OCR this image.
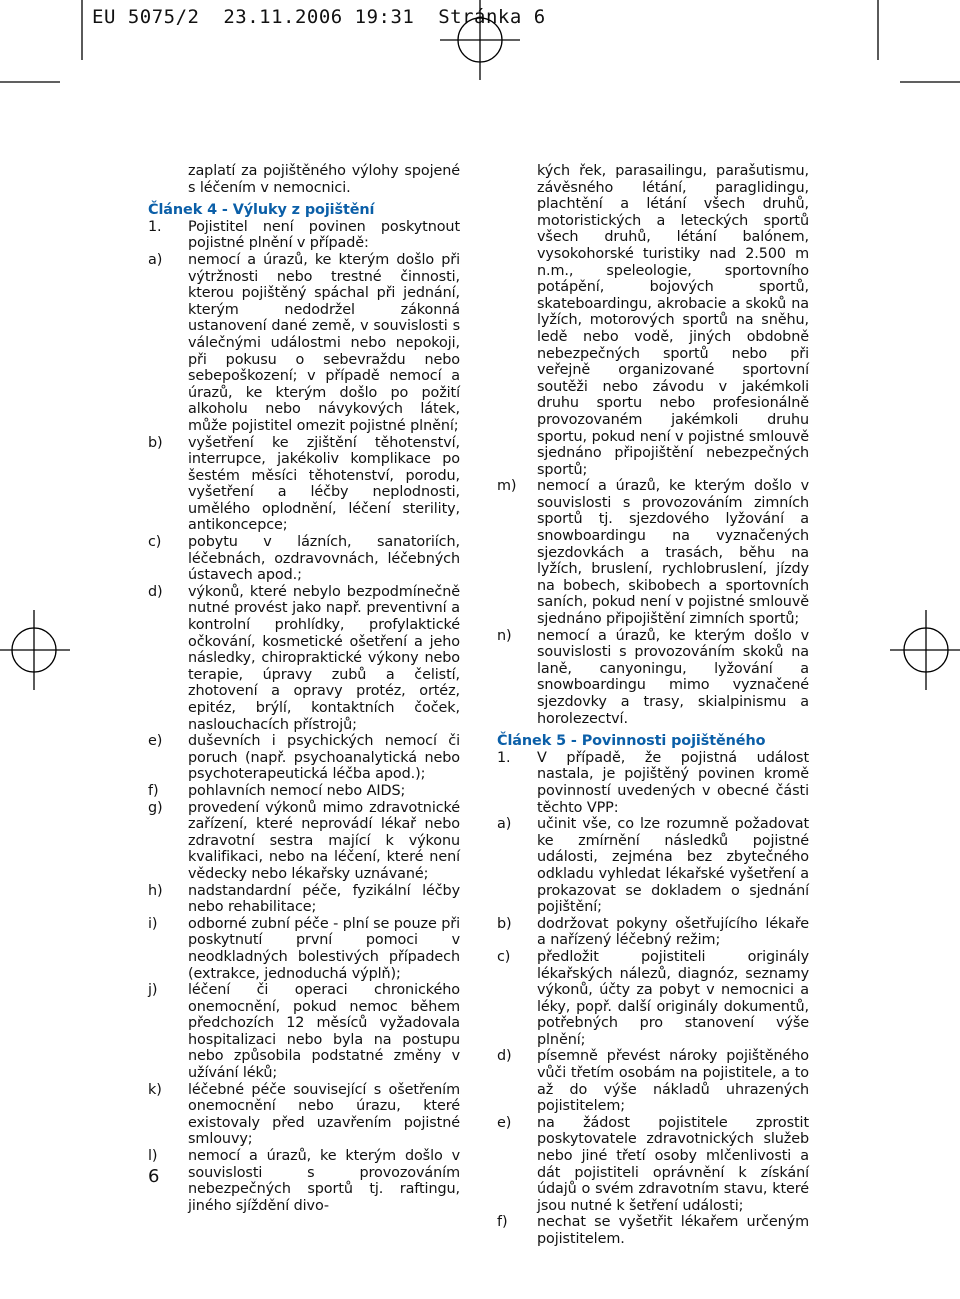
EU 5075/2  23.11.2006 19:31  Stránka 6

zaplatí za pojištěného výlohy spojené s léčením v nemocnici.

Článek 4 - Výluky z pojištění
1.	Pojistitel není povinen poskytnout pojistné plnění v případě:
a)	nemocí a úrazů, ke kterým došlo při výtržnosti nebo trestné činnosti, kterou pojištěný spáchal při jednání, kterým nedodržel zákonná ustanovení dané země, v souvislosti s válečnými událostmi nebo nepokoji, při pokusu o sebevraždu nebo sebepoškození; v případě nemocí a úrazů, ke kterým došlo po požití alkoholu nebo návykových látek, může pojistitel omezit pojistné plnění;
b)	vyšetření ke zjištění těhotenství, interrupce, jakékoliv komplikace po šestém měsíci těhotenství, porodu, vyšetření a léčby neplodnosti, umělého oplodnění, léčení sterility, antikoncepce;
c)	pobytu v lázních, sanatoriích, léčebnách, ozdravovnách, léčebných ústavech apod.;
d)	výkonů, které nebylo bezpodmínečně nutné provést jako např. preventivní a kontrolní prohlídky, profylaktické očkování, kosmetické ošetření a jeho následky, chiropraktické výkony nebo terapie, úpravy zubů a čelistí, zhotovení a opravy protéz, ortéz, epitéz, brýlí, kontaktních čoček, naslouchacích přístrojů;
e)	duševních i psychických nemocí či poruch (např. psychoanalytická nebo psychoterapeutická léčba apod.);
f)	pohlavních nemocí nebo AIDS;
g)	provedení výkonů mimo zdravotnické zařízení, které neprovádí lékař nebo zdravotní sestra mající k výkonu kvalifikaci, nebo na léčení, které není vědecky nebo lékařsky uznávané;
h)	nadstandardní péče, fyzikální léčby nebo rehabilitace;
i)	odborné zubní péče - plní se pouze při poskytnutí první pomoci v neodkladných bolestivých případech (extrakce, jednoduchá výplň);
j)	léčení či operaci chronického onemocnění, pokud nemoc během předchozích 12 měsíců vyžadovala hospitalizaci nebo byla na postupu nebo způsobila podstatné změny v užívání léků;
k)	léčebné péče související s ošetřením onemocnění nebo úrazu, které existovaly před uzavřením pojistné smlouvy;
l)	nemocí a úrazů, ke kterým došlo v souvislosti s provozováním nebezpečných sportů tj. raftingu, jiného sjíždění divo-

kých řek, parasailingu, parašutismu, závěsného létání, paraglidingu, plachtění a létání všech druhů, motoristických a leteckých sportů všech druhů, létání balónem, vysokohorské turistiky nad 2.500 m n.m., speleologie, sportovního potápění, bojových sportů, skateboardingu, akrobacie a skoků na lyžích, motorových sportů na sněhu, ledě nebo vodě, jiných obdobně nebezpečných sportů nebo při veřejně organizované sportovní soutěži nebo závodu v jakémkoli druhu sportu nebo profesionálně provozovaném jakémkoli druhu sportu, pokud není v pojistné smlouvě sjednáno připojištění nebezpečných sportů;

m)	nemocí a úrazů, ke kterým došlo v souvislosti s provozováním zimních sportů tj. sjezdového lyžování a snowboardingu na vyznačených sjezdovkách a trasách, běhu na lyžích, bruslení, rychlobruslení, jízdy na bobech, skibobech a sportovních saních, pokud není v pojistné smlouvě sjednáno připojištění zimních sportů;
n)	nemocí a úrazů, ke kterým došlo v souvislosti s provozováním skoků na laně, canyoningu, lyžování a snowboardingu mimo vyznačené sjezdovky a trasy, skialpinismu a horolezectví.
Článek 5 - Povinnosti pojištěného
1.	V případě, že pojistná událost nastala, je pojištěný povinen kromě povinností uvedených v obecné části těchto VPP:
a)	učinit vše, co lze rozumně požadovat ke zmírnění následků pojistné události, zejména bez zbytečného odkladu vyhledat lékařské vyšetření a prokazovat se dokladem o sjednání pojištění;
b)	dodržovat pokyny ošetřujícího lékaře a nařízený léčebný režim;
c)	předložit pojistiteli originály lékařských nálezů, diagnóz, seznamy výkonů, účty za pobyt v nemocnici a léky, popř. další originály dokumentů, potřebných pro stanovení výše plnění;
d)	písemně převést nároky pojištěného vůči třetím osobám na pojistitele, a to až do výše nákladů uhrazených pojistitelem;
e)	na žádost pojistitele zprostit poskytovatele zdravotnických služeb nebo jiné třetí osoby mlčenlivosti a dát pojistiteli oprávnění k získání údajů o svém zdravotním stavu, které jsou nutné k šetření události;
f)	nechat se vyšetřit lékařem určeným pojistitelem.
6
